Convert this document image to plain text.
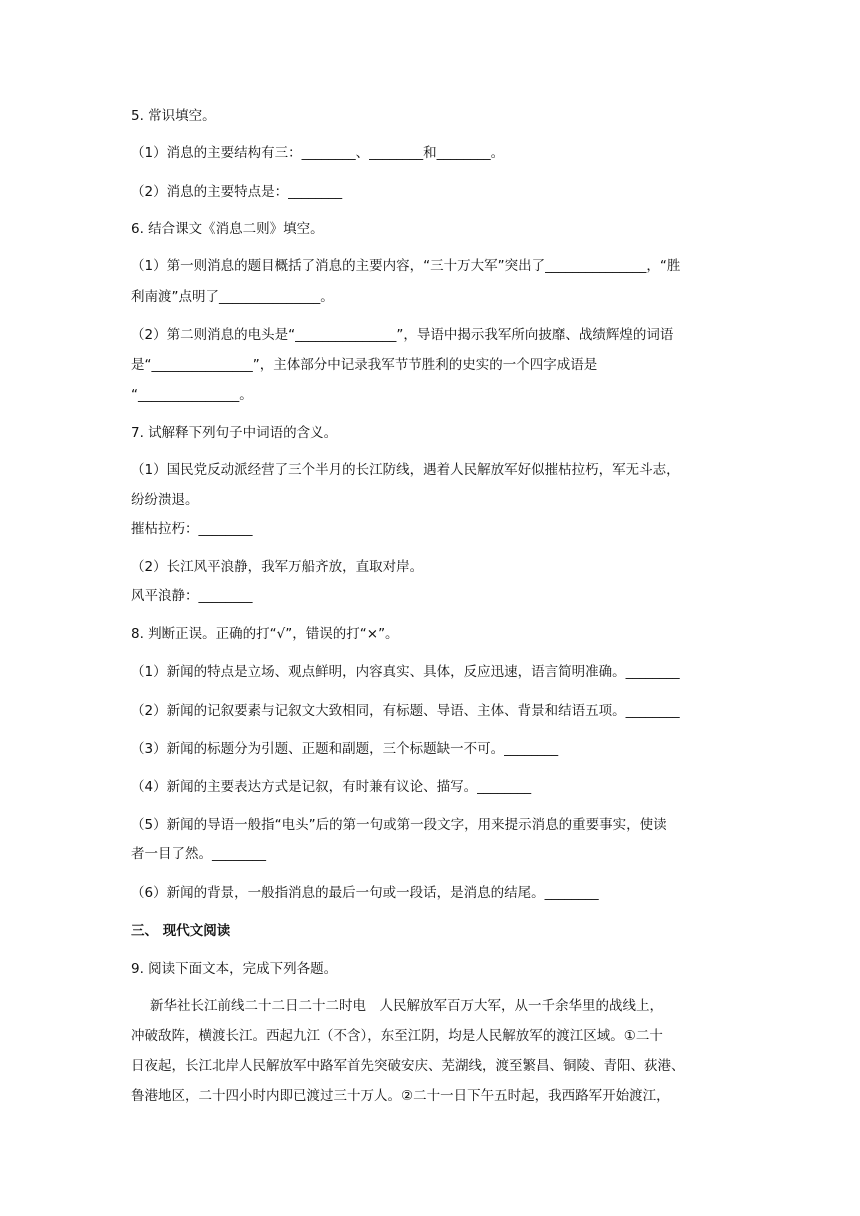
5. 常识填空。
（1）消息的主要结构有三：________、________和________。
（2）消息的主要特点是：________
6. 结合课文《消息二则》填空。
（1）第一则消息的题目概括了消息的主要内容，“三十万大军”突出了_______________，“胜
利南渡”点明了_______________。
（2）第二则消息的电头是“_______________”，导语中揭示我军所向披靡、战绩辉煌的词语
是“_______________”，主体部分中记录我军节节胜利的史实的一个四字成语是
“_______________。
7. 试解释下列句子中词语的含义。
（1）国民党反动派经营了三个半月的长江防线，遇着人民解放军好似摧枯拉朽，军无斗志，
纷纷溃退。
摧枯拉朽：________
（2）长江风平浪静，我军万船齐放，直取对岸。
风平浪静：________
8. 判断正误。正确的打“√”，错误的打“×”。
（1）新闻的特点是立场、观点鲜明，内容真实、具体，反应迅速，语言简明准确。________
（2）新闻的记叙要素与记叙文大致相同，有标题、导语、主体、背景和结语五项。________
（3）新闻的标题分为引题、正题和副题，三个标题缺一不可。________
（4）新闻的主要表达方式是记叙，有时兼有议论、描写。________
（5）新闻的导语一般指“电头”后的第一句或第一段文字，用来提示消息的重要事实，使读
者一目了然。________
（6）新闻的背景，一般指消息的最后一句或一段话，是消息的结尾。________
三、 现代文阅读
9. 阅读下面文本，完成下列各题。
新华社长江前线二十二日二十二时电　人民解放军百万大军，从一千余华里的战线上，
冲破敌阵，横渡长江。西起九江（不含），东至江阴，均是人民解放军的渡江区域。①二十
日夜起，长江北岸人民解放军中路军首先突破安庆、芜湖线，渡至繁昌、铜陵、青阳、荻港、
鲁港地区，二十四小时内即已渡过三十万人。②二十一日下午五时起，我西路军开始渡江，
